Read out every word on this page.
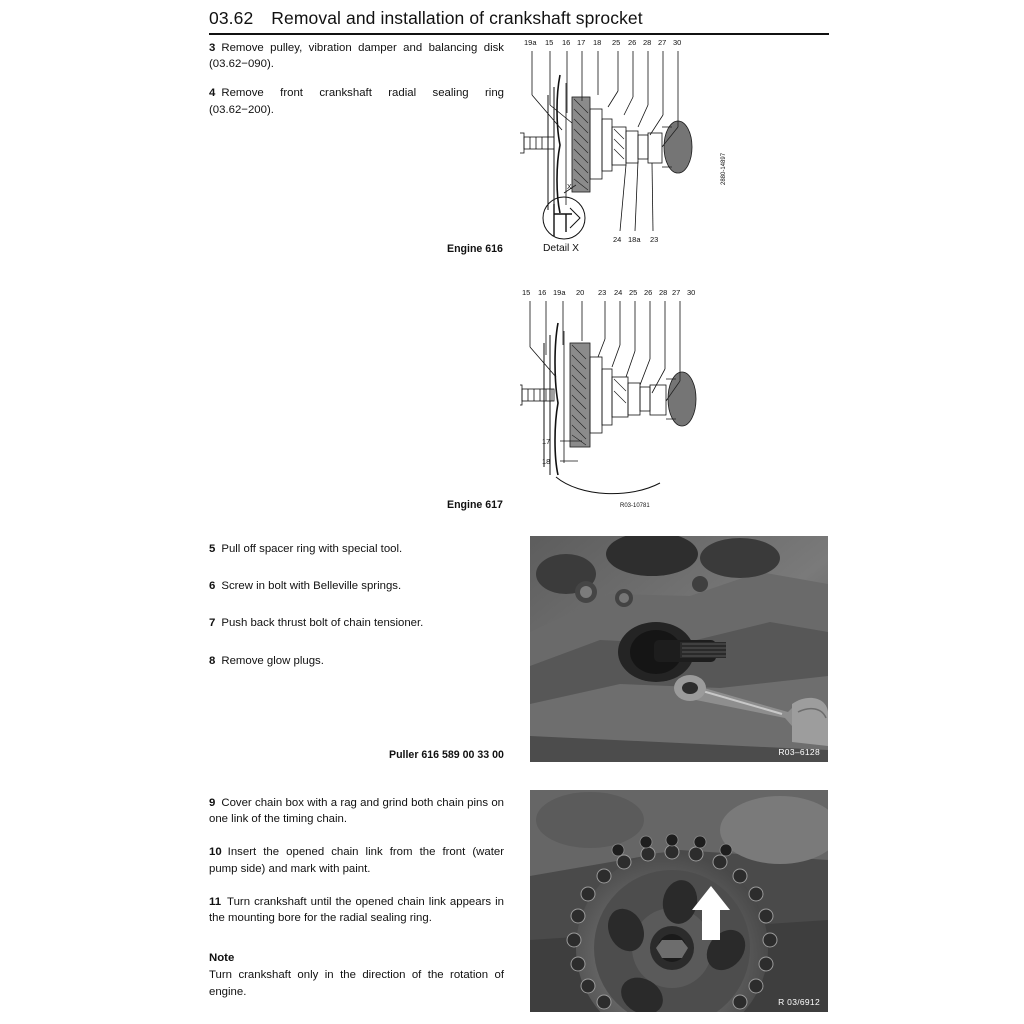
03.62 Removal and installation of crankshaft sprocket
3 Remove pulley, vibration damper and balancing disk (03.62−090).
4 Remove front crankshaft radial sealing ring (03.62−200).
19a 15 16 17 18 25 26 28 27 30
24 18a 23
X
2880-14897
Detail X
Engine 616
15 16 19a 20 23 24 25 26 28 27 30
17
18
R03-10781
Engine 617
5 Pull off spacer ring with special tool.
6 Screw in bolt with Belleville springs.
7 Push back thrust bolt of chain tensioner.
8 Remove glow plugs.
Puller 616 589 00 33 00	R03–6128
9 Cover chain box with a rag and grind both chain pins on one link of the timing chain.
10 Insert the opened chain link from the front (water pump side) and mark with paint.
11 Turn crankshaft until the opened chain link appears in the mounting bore for the radial sealing ring.
Note
Turn crankshaft only in the direction of the rotation of engine.
R 03/6912
